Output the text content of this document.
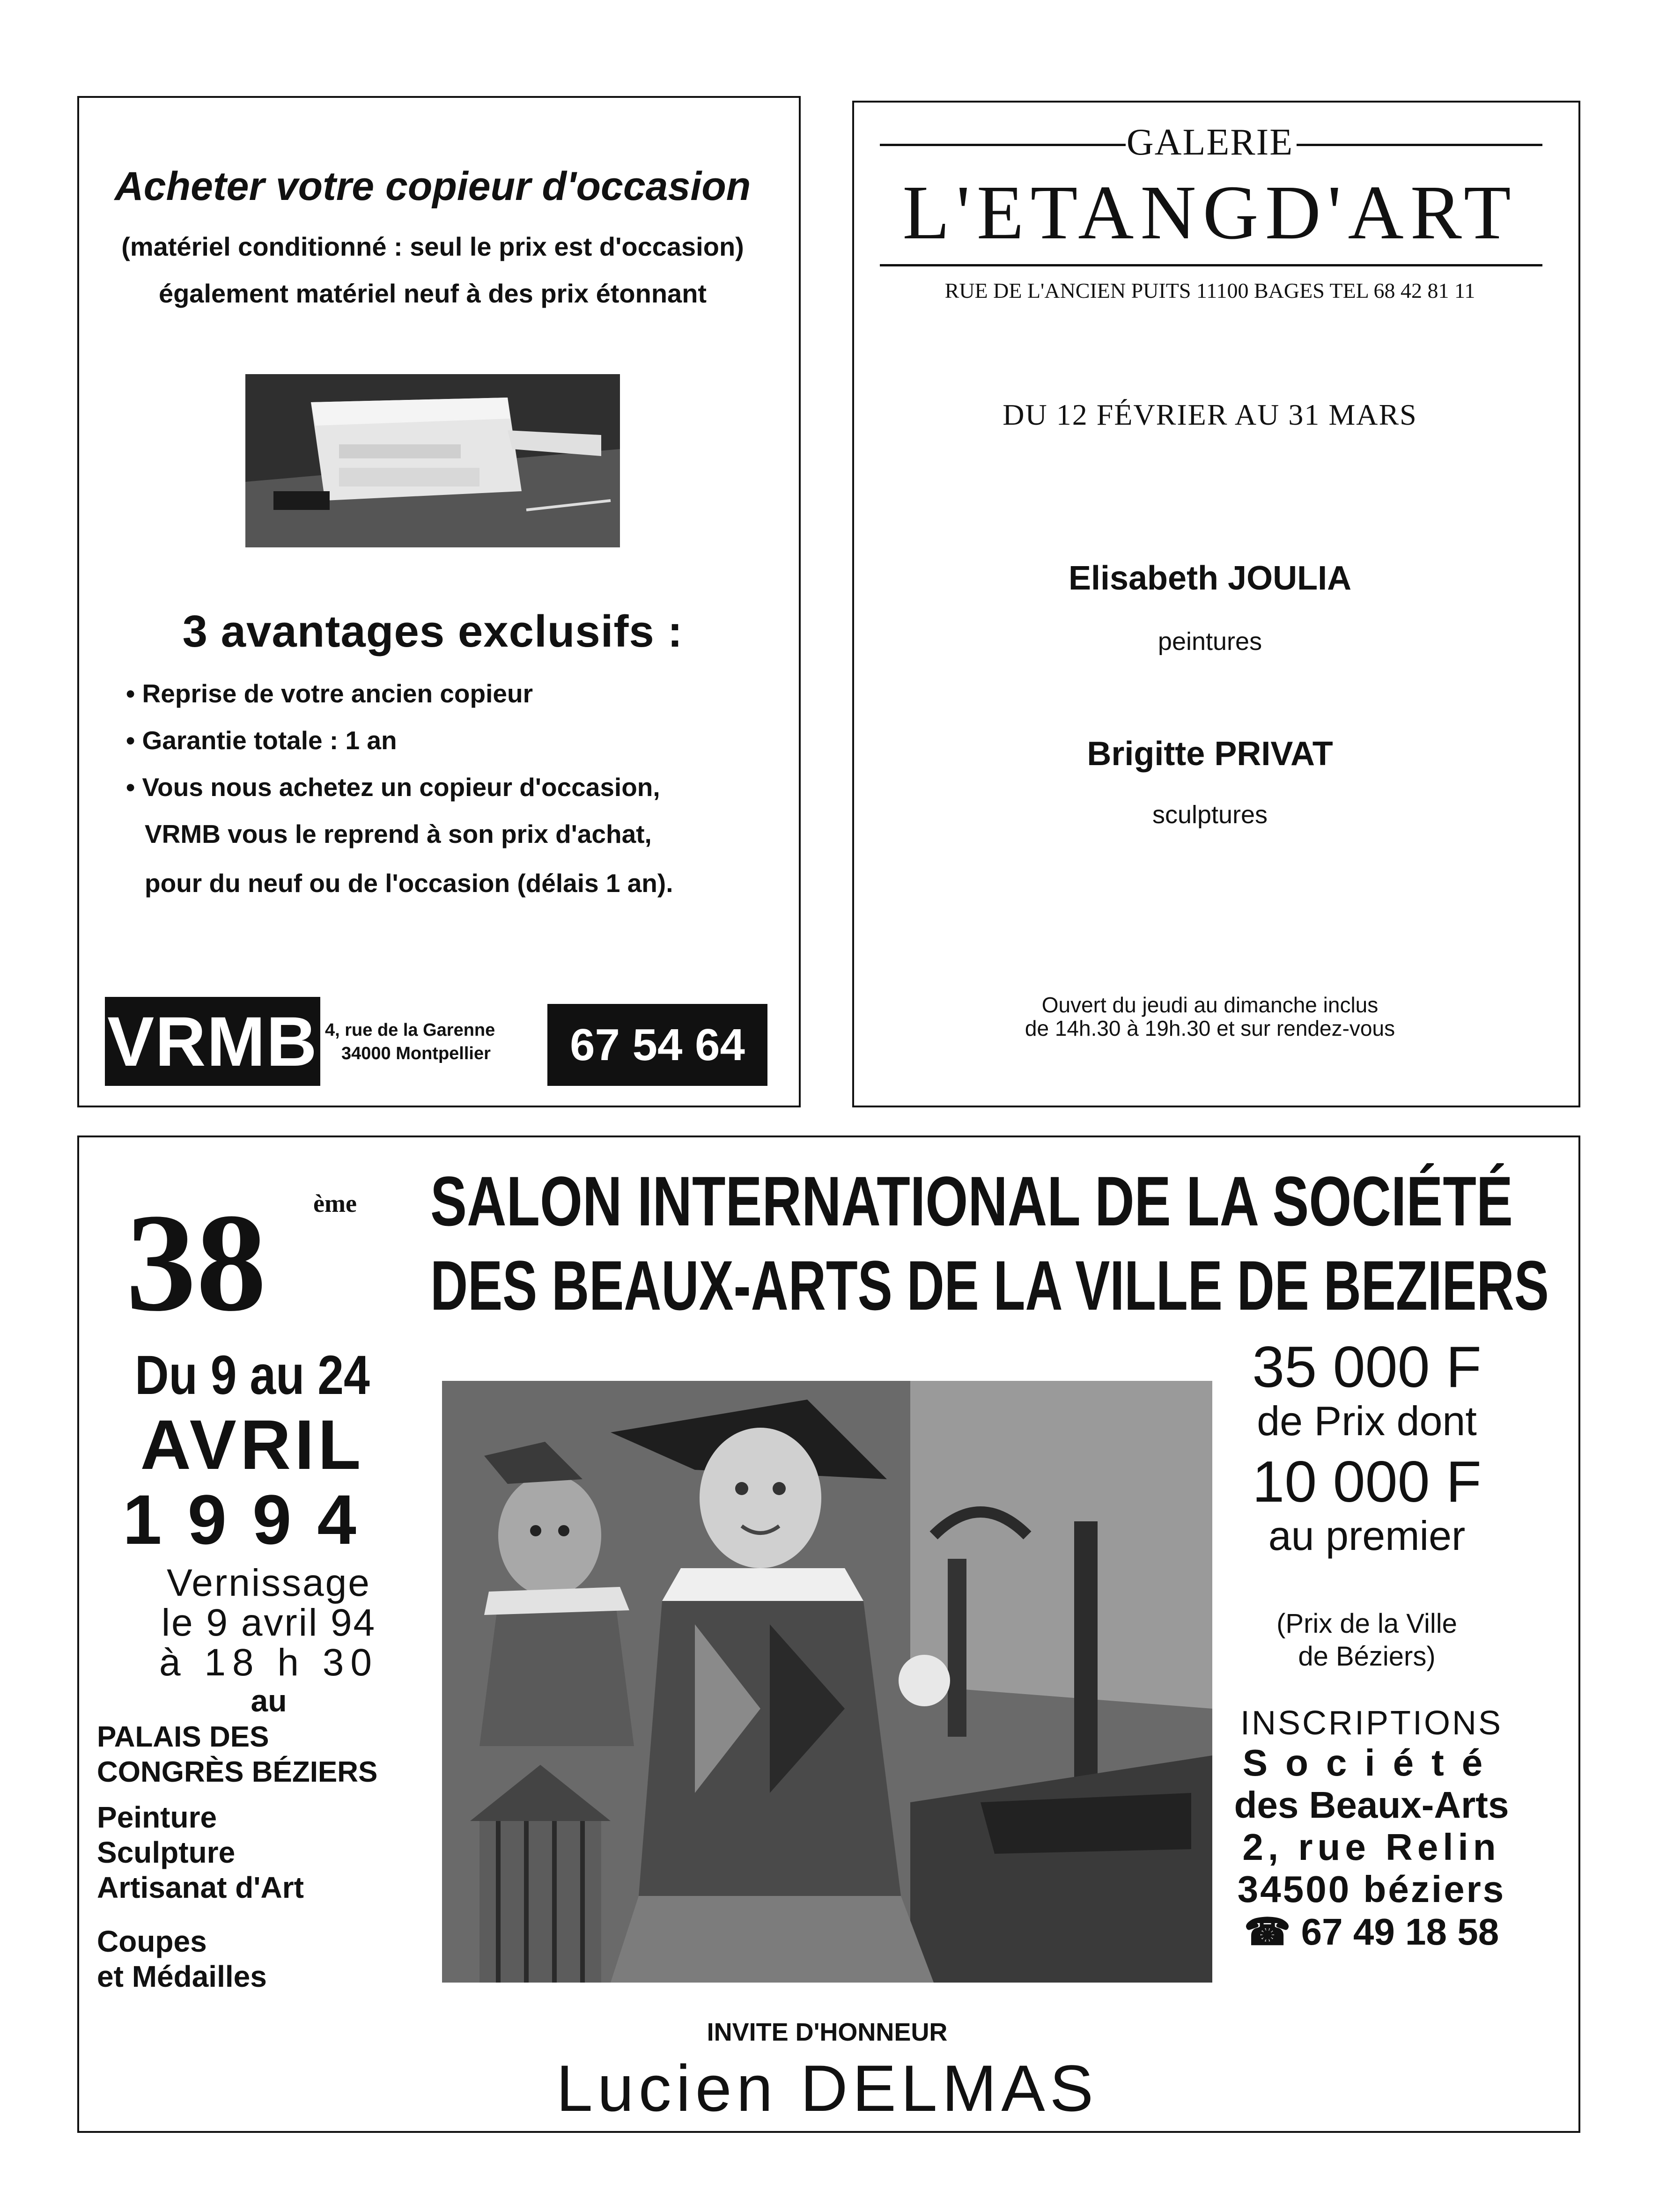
Acheter votre copieur d'occasion
(matériel conditionné : seul le prix est d'occasion)
également matériel neuf à des prix étonnant
3 avantages exclusifs :
• Reprise de votre ancien copieur
• Garantie totale : 1 an
• Vous nous achetez un copieur d'occasion,
VRMB vous le reprend à son prix d'achat,
pour du neuf ou de l'occasion (délais 1 an).
VRMB 4, rue de la Garenne
34000 Montpellier	67 54 64 68
GALERIE
L'ETANGD'ART
RUE DE L'ANCIEN PUITS 11100 BAGES TEL 68 42 81 11
DU 12 FÉVRIER AU 31 MARS
Elisabeth JOULIA
peintures
Brigitte PRIVAT
sculptures
Ouvert du jeudi au dimanche inclus
de 14h.30 à 19h.30 et sur rendez-vous
38 ème SALON INTERNATIONAL DE LA SOCIÉTÉ
DES BEAUX-ARTS DE LA VILLE DE BEZIERS
Du 9 au 24
AVRIL
1994
Vernissage
le 9 avril 94
à 18 h 30
au
PALAIS DES
CONGRÈS BÉZIERS
Peinture
Sculpture
Artisanat d'Art
Coupes
et Médailles
35 000 F
de Prix dont
10 000 F
au premier
(Prix de la Ville
de Béziers)
INSCRIPTIONS
Société
des Beaux-Arts
2, rue Relin
34500 béziers
☎ 67 49 18 58
INVITE D'HONNEUR
Lucien DELMAS
